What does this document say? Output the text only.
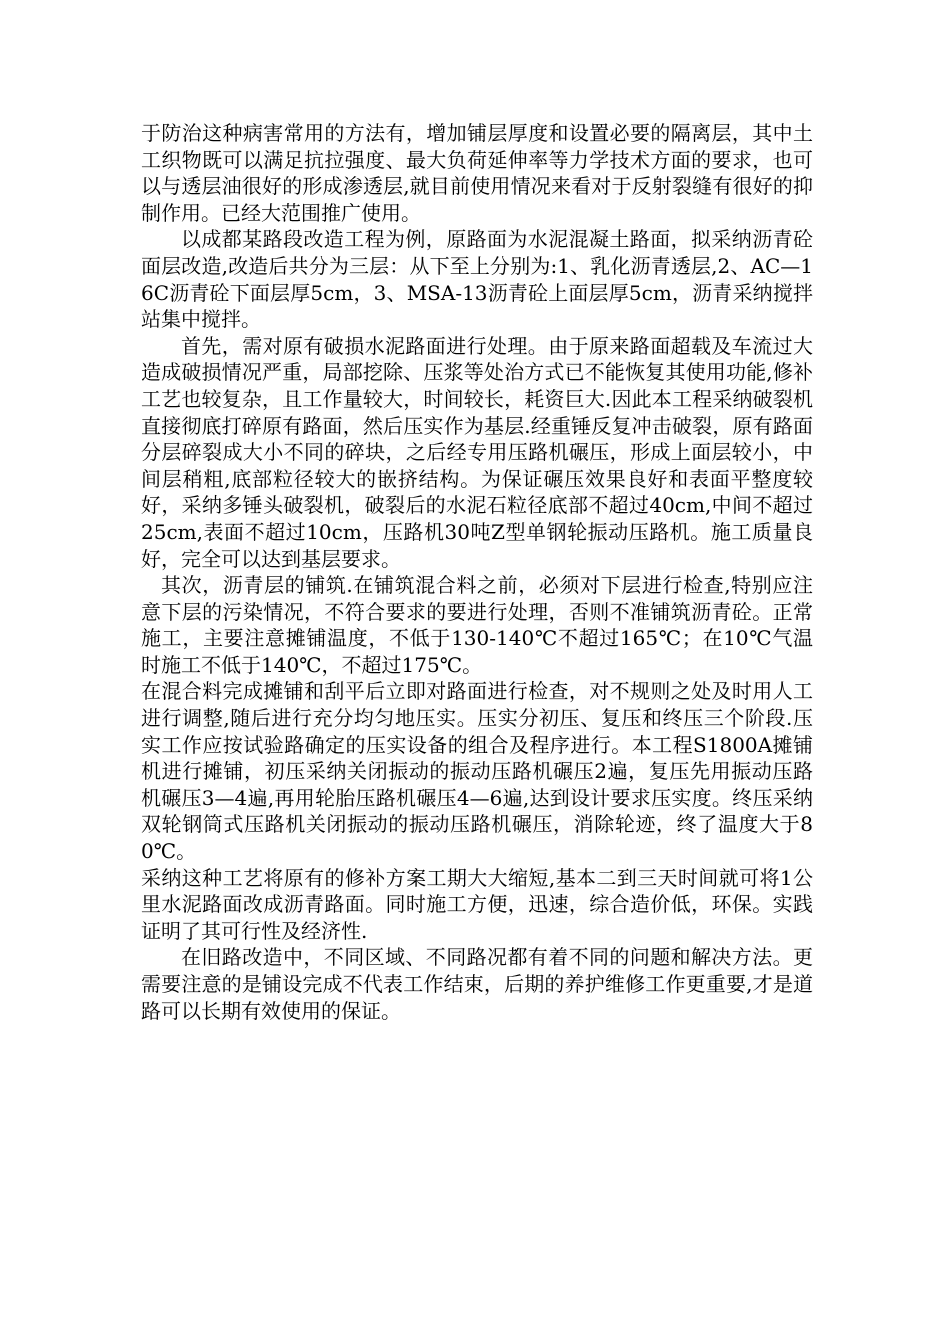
于防治这种病害常用的方法有，增加铺层厚度和设置必要的隔离层，其中土工织物既可以满足抗拉强度、最大负荷延伸率等力学技术方面的要求，也可以与透层油很好的形成渗透层,就目前使用情况来看对于反射裂缝有很好的抑制作用。已经大范围推广使用。

以成都某路段改造工程为例，原路面为水泥混凝土路面，拟采纳沥青砼面层改造,改造后共分为三层：从下至上分别为:1、乳化沥青透层,2、AC—16C沥青砼下面层厚5cm，3、MSA-13沥青砼上面层厚5cm，沥青采纳搅拌站集中搅拌。

首先，需对原有破损水泥路面进行处理。由于原来路面超载及车流过大造成破损情况严重，局部挖除、压浆等处治方式已不能恢复其使用功能,修补工艺也较复杂，且工作量较大，时间较长，耗资巨大.因此本工程采纳破裂机直接彻底打碎原有路面，然后压实作为基层.经重锤反复冲击破裂，原有路面分层碎裂成大小不同的碎块，之后经专用压路机碾压，形成上面层较小，中间层稍粗,底部粒径较大的嵌挤结构。为保证碾压效果良好和表面平整度较好，采纳多锤头破裂机，破裂后的水泥石粒径底部不超过40cm,中间不超过25cm,表面不超过10cm，压路机30吨Z型单钢轮振动压路机。施工质量良好，完全可以达到基层要求。

其次，沥青层的铺筑.在铺筑混合料之前，必须对下层进行检查,特别应注意下层的污染情况，不符合要求的要进行处理，否则不准铺筑沥青砼。正常施工，主要注意摊铺温度，不低于130-140℃不超过165℃；在10℃气温时施工不低于140℃，不超过175℃。

在混合料完成摊铺和刮平后立即对路面进行检查，对不规则之处及时用人工进行调整,随后进行充分均匀地压实。压实分初压、复压和终压三个阶段.压实工作应按试验路确定的压实设备的组合及程序进行。本工程S1800A摊铺机进行摊铺，初压采纳关闭振动的振动压路机碾压2遍，复压先用振动压路机碾压3—4遍,再用轮胎压路机碾压4—6遍,达到设计要求压实度。终压采纳双轮钢筒式压路机关闭振动的振动压路机碾压，消除轮迹，终了温度大于80℃。

采纳这种工艺将原有的修补方案工期大大缩短,基本二到三天时间就可将1公里水泥路面改成沥青路面。同时施工方便，迅速，综合造价低，环保。实践证明了其可行性及经济性.

在旧路改造中，不同区域、不同路况都有着不同的问题和解决方法。更需要注意的是铺设完成不代表工作结束，后期的养护维修工作更重要,才是道路可以长期有效使用的保证。
